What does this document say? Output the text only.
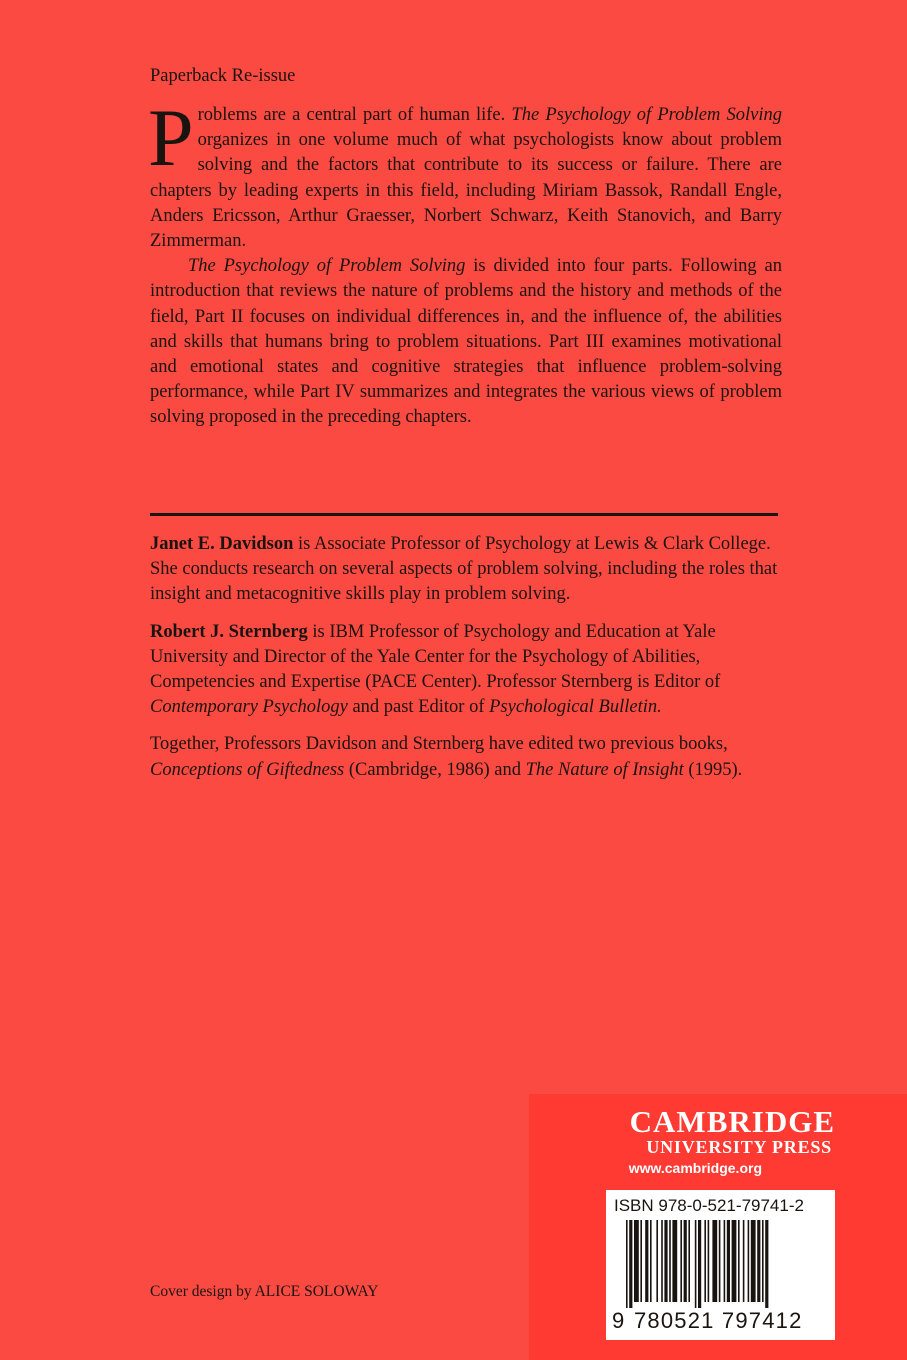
Paperback Re-issue

Problems are a central part of human life. The Psychology of Problem Solving organizes in one volume much of what psychologists know about problem solving and the factors that contribute to its success or failure. There are chapters by leading experts in this field, including Miriam Bassok, Randall Engle, Anders Ericsson, Arthur Graesser, Norbert Schwarz, Keith Stanovich, and Barry Zimmerman.

The Psychology of Problem Solving is divided into four parts. Following an introduction that reviews the nature of problems and the history and methods of the field, Part II focuses on individual differences in, and the influence of, the abilities and skills that humans bring to problem situations. Part III examines motivational and emotional states and cognitive strategies that influence problem-solving performance, while Part IV summarizes and integrates the various views of problem solving proposed in the preceding chapters.

Janet E. Davidson is Associate Professor of Psychology at Lewis & Clark College. She conducts research on several aspects of problem solving, including the roles that insight and metacognitive skills play in problem solving.

Robert J. Sternberg is IBM Professor of Psychology and Education at Yale University and Director of the Yale Center for the Psychology of Abilities, Competencies and Expertise (PACE Center). Professor Sternberg is Editor of Contemporary Psychology and past Editor of Psychological Bulletin.

Together, Professors Davidson and Sternberg have edited two previous books, Conceptions of Giftedness (Cambridge, 1986) and The Nature of Insight (1995).

Cover design by ALICE SOLOWAY
CAMBRIDGE
UNIVERSITY PRESS
www.cambridge.org
ISBN 978-0-521-79741-2
9 780521 797412
